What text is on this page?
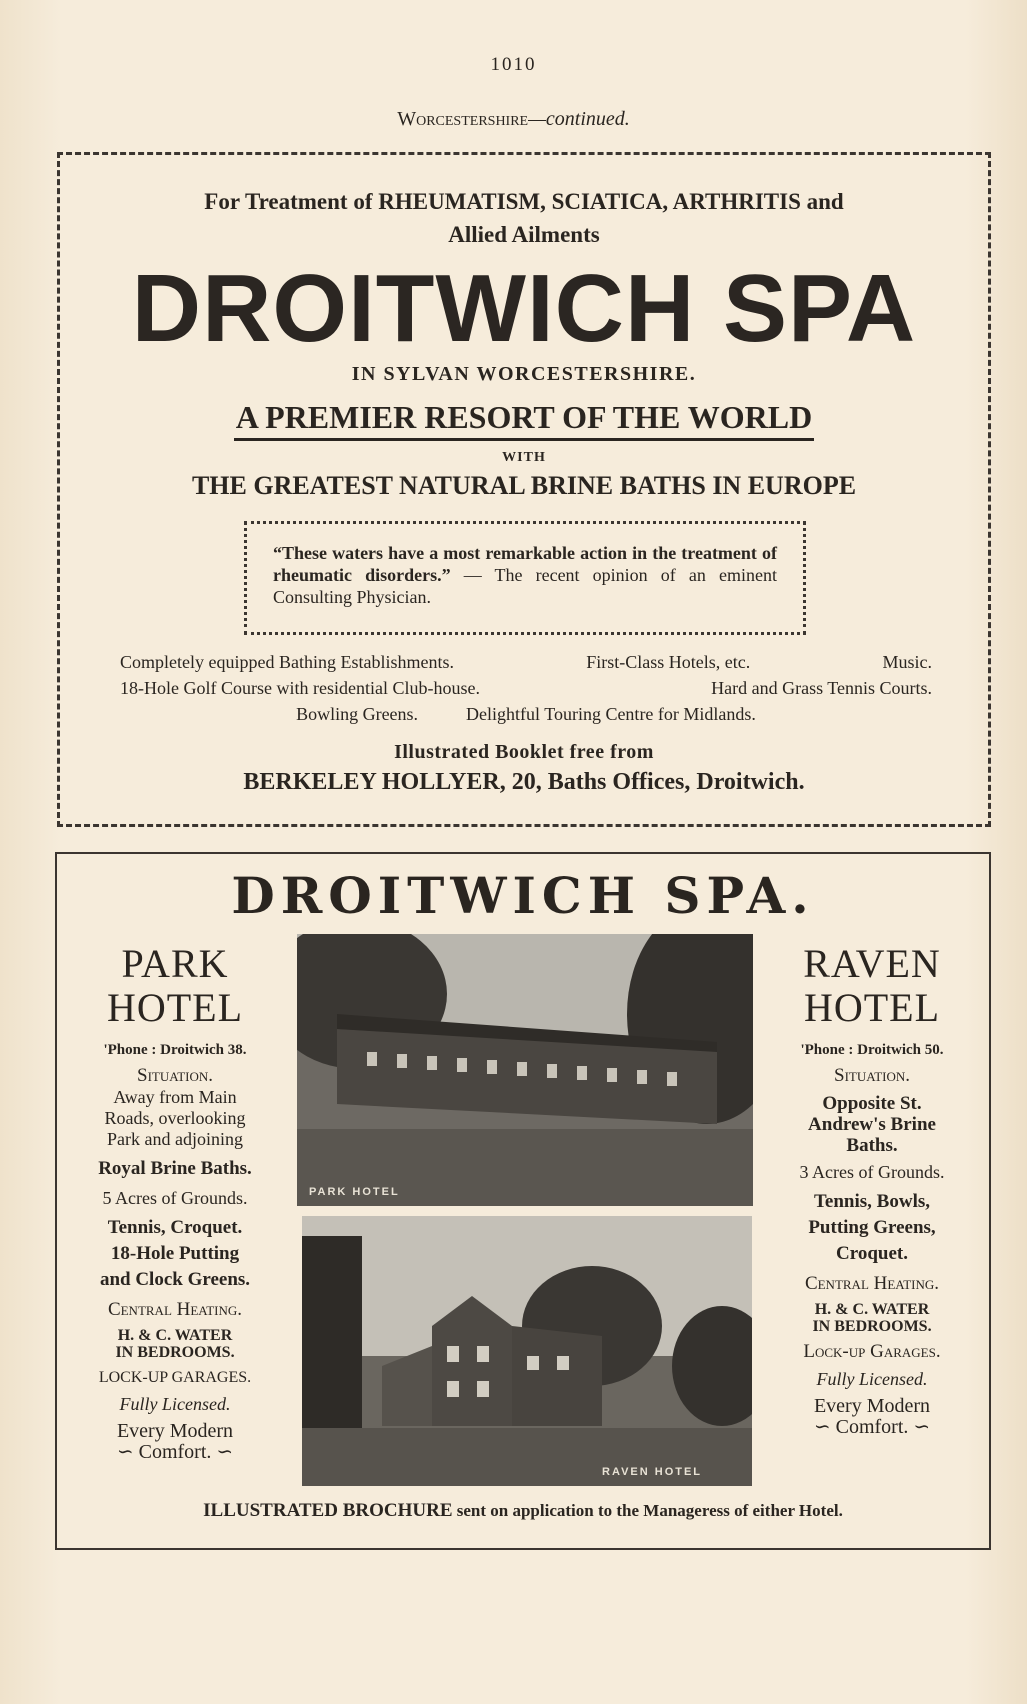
1010
Worcestershire—continued.
For Treatment of RHEUMATISM, SCIATICA, ARTHRITIS and
Allied Ailments
DROITWICH SPA
IN SYLVAN WORCESTERSHIRE.
A PREMIER RESORT OF THE WORLD
WITH
THE GREATEST NATURAL BRINE BATHS IN EUROPE
“These waters have a most remarkable action in the treatment of rheumatic disorders.” — The recent opinion of an eminent Consulting Physician.
Completely equipped Bathing Establishments.	First-Class Hotels, etc.	Music.
18-Hole Golf Course with residential Club-house.	Hard and Grass Tennis Courts.
Bowling Greens.	Delightful Touring Centre for Midlands.
Illustrated Booklet free from
BERKELEY HOLLYER, 20, Baths Offices, Droitwich.
DROITWICH SPA.
PARK
HOTEL
'Phone : Droitwich 38.
Situation.
Away from Main
Roads, overlooking
Park and adjoining
Royal Brine Baths.
5 Acres of Grounds.
Tennis, Croquet.
18-Hole Putting
and Clock Greens.
Central Heating.
H. & C. WATER
IN BEDROOMS.
LOCK-UP GARAGES.
Fully Licensed.
Every Modern
∽ Comfort. ∽
PARK HOTEL
RAVEN HOTEL
RAVEN
HOTEL
'Phone : Droitwich 50.
Situation.
Opposite St.
Andrew's Brine
Baths.
3 Acres of Grounds.
Tennis, Bowls,
Putting Greens,
Croquet.
Central Heating.
H. & C. WATER
IN BEDROOMS.
Lock-up Garages.
Fully Licensed.
Every Modern
∽ Comfort. ∽
ILLUSTRATED BROCHURE sent on application to the Manageress of either Hotel.
